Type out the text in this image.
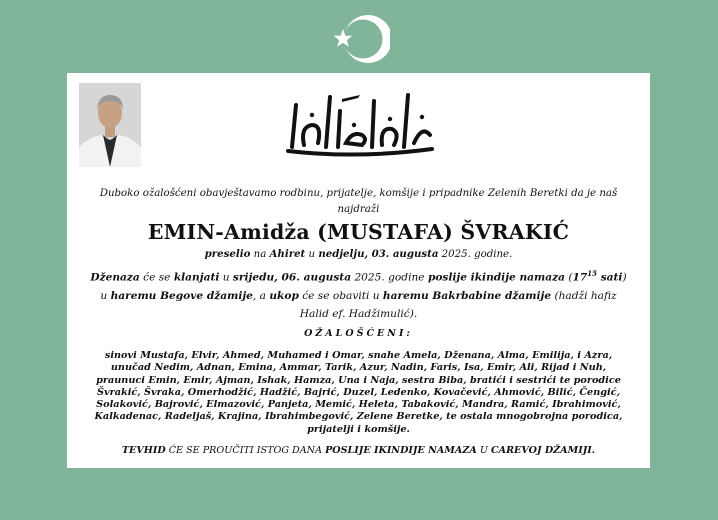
Duboko ožalošćeni obavještavamo rodbinu, prijatelje, komšije i pripadnike Zelenih Beretki da je naš najdraži
EMIN-Amidža (MUSTAFA) ŠVRAKIĆ
preselio na Ahiret u nedjelju, 03. augusta 2025. godine.
Dženaza će se klanjati u srijedu, 06. augusta 2025. godine poslije ikindije namaza ($17^{15}$ sati) u haremu Begove džamije, a ukop će se obaviti u haremu Bakrbabine džamije (hadži hafiz Halid ef. Hadžimulić).
OŽALOŠĆENI:
sinovi Mustafa, Elvir, Ahmed, Muhamed i Omar, snahe Amela, Dženana, Alma, Emilija, i Azra, unučad Nedim, Adnan, Emina, Ammar, Tarik, Azur, Nadin, Faris, Isa, Emir, Ali, Rijad i Nuh, praunuci Emin, Emir, Ajman, Ishak, Hamza, Una i Naja, sestra Biba, bratići i sestrići te porodice Švrakić, Švraka, Omerhodžić, Hadžić, Bajrić, Duzel, Ledenko, Kovačević, Ahmović, Bilić, Čengić, Solaković, Bajrović, Elmazović, Panjeta, Memić, Heleta, Tabaković, Mandra, Ramić, Ibrahimović, Kalkadenac, Radeljaš, Krajina, Ibrahimbegović, Zelene Beretke, te ostala mnogobrojna porodica, prijatelji i komšije.
TEVHID ĆE SE PROUČITI ISTOG DANA POSLIJE IKINDIJE NAMAZA U CAREVOJ DŽAMIJI.
